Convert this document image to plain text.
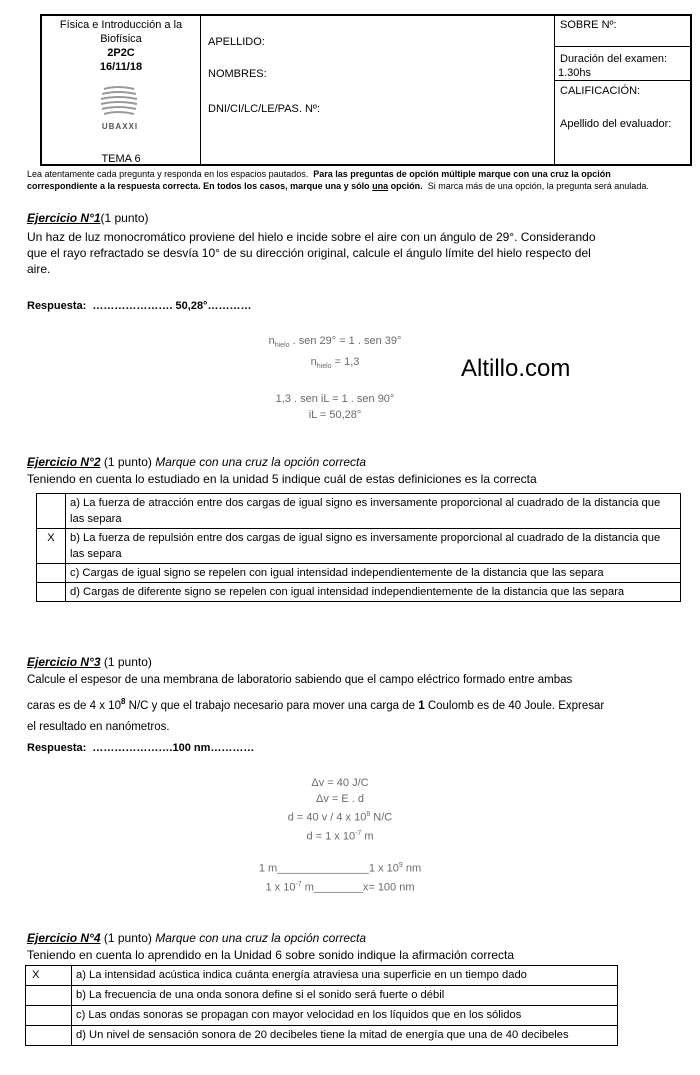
Física e Introducción a la
Biofísica
2P2C
16/11/18
UBAXXI
TEMA 6
APELLIDO:
NOMBRES:
DNI/CI/LC/LE/PAS. Nº:
SOBRE Nº:
Duración del examen:
1.30hs
CALIFICACIÓN:
Apellido del evaluador:
Lea atentamente cada pregunta y responda en los espacios pautados. Para las preguntas de opción múltiple marque con una cruz la opción
correspondiente a la respuesta correcta. En todos los casos, marque una y sólo una opción. Si marca más de una opción, la pregunta será anulada.
Ejercicio N°1(1 punto)
Un haz de luz monocromático proviene del hielo e incide sobre el aire con un ángulo de 29°. Considerando
que el rayo refractado se desvía 10° de su dirección original, calcule el ángulo límite del hielo respecto del
aire.
Respuesta: …………………. 50,28°…………
$n_{hielo}$ . sen 29° = 1 . sen 39°
$n_{hielo} = 1,3$
1,3 . sen iL = 1 . sen 90°
iL = 50,28°
Altillo.com
Ejercicio N°2 (1 punto) Marque con una cruz la opción correcta
Teniendo en cuenta lo estudiado en la unidad 5 indique cuál de estas definiciones es la correcta
	a) La fuerza de atracción entre dos cargas de igual signo es inversamente proporcional al cuadrado de la distancia que las separa
X	b) La fuerza de repulsión entre dos cargas de igual signo es inversamente proporcional al cuadrado de la distancia que las separa
	c) Cargas de igual signo se repelen con igual intensidad independientemente de la distancia que las separa
	d) Cargas de diferente signo se repelen con igual intensidad independientemente de la distancia que las separa
Ejercicio N°3 (1 punto)
Calcule el espesor de una membrana de laboratorio sabiendo que el campo eléctrico formado entre ambas
caras es de 4 x $10^8$ N/C y que el trabajo necesario para mover una carga de 1 Coulomb es de 40 Joule. Expresar
el resultado en nanómetros.
Respuesta: ………………….100 nm…………
Δv = 40 J/C
Δv = E . d
d = 40 v / 4 x $10^8$ N/C
d = 1 x $10^{-7}$ m
1 m_______________1 x $10^9$ nm
1 x $10^{-7}$ m________x= 100 nm
Ejercicio N°4 (1 punto) Marque con una cruz la opción correcta
Teniendo en cuenta lo aprendido en la Unidad 6 sobre sonido indique la afirmación correcta
X	a) La intensidad acústica indica cuánta energía atraviesa una superficie en un tiempo dado
	b) La frecuencia de una onda sonora define si el sonido será fuerte o débil
	c) Las ondas sonoras se propagan con mayor velocidad en los líquidos que en los sólidos
	d) Un nivel de sensación sonora de 20 decibeles tiene la mitad de energía que una de 40 decibeles
